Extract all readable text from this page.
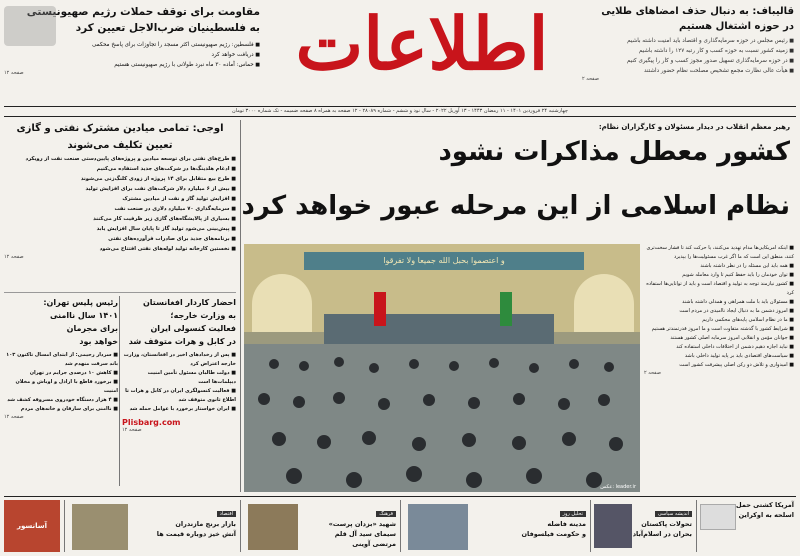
اطلاعات	قالیباف: به دنبال حذف امضاهای طلایی
در حوزه اشتغال هستیم
■ رئیس مجلس در حوزه سرمایه‌گذاری و اقتصاد باید امنیت داشته باشیم
■ زمینه کشور نسبت به حوزه کسب و کار رتبه ۱۲۷ را داشته باشیم
■ در حوزه سرمایه‌گذاری تسهیل صدور مجوز کسب و کار را پیگیری کنیم
■ هیأت عالی نظارت مجمع تشخیص مصلحت نظام حضور داشتند
صفحه ۲
مقاومت برای توقف حملات رژیم صهیونیستی
به فلسطینیان ضرب‌الاجل تعیین کرد
■ فلسطین: رژیم صهیونیستی اکثر مسجد را تجاوزات برای پاسخ محکمی
■ دریافت خواهد کرد
■ حماس: آماده ۳۰ ماه نبرد طولانی با رژیم صهیونیستی هستیم
صفحه ۱۲
چهارشنبه ۲۴ فروردین ۱۴۰۱ - ۱۱ رمضان ۱۴۴۳ - ۱۳ آوریل ۲۰۲۲ - سال نود و ششم - شماره ۲۸۰۸۹ - ۱۲ صفحه به همراه ۸ صفحه ضمیمه - تک شماره ۳۰۰۰ تومان
اوجی: تمامی میادین مشترک نفتی و گازی
تعیین تکلیف می‌شوند
■ طرح‌های نفتی برای توسعه میادین و پروژه‌های پایین‌دستی صنعت نفت از رویکرد
■ ادغام هلدینگ‌ها در شرکت‌های جدید استفاده می‌کنیم
■ طرح بیع متقابل برای ۱۴ پروژه از زودی کلنگ‌زنی می‌شوند
■ بیش از ۶ میلیارد دلار شرکت‌های نفت برای افزایش تولید
■ افزایش تولید گاز و نفت از میادین مشترک
■ سرمایه‌گذاری ۷۰ میلیارد دلاری در صنعت نفت
■ بسیاری از پالایشگاه‌های گازی زیر ظرفیت کار می‌کنند
■ پیش‌بینی می‌شود تولید گاز تا پایان سال افزایش یابد
■ برنامه‌های جدید برای صادرات فرآورده‌های نفتی
■ نخستین کارخانه تولید لوله‌های نفتی افتتاح می‌شود
صفحه ۱۲
رئیس پلیس تهران:
۱۴۰۱ سال ناامنی
برای مجرمان
خواهد بود
■ سردار رحیمی: از ابتدای امسال تاکنون ۱۰۳ باند سرقت منهدم شد
■ کاهش ۱۰ درصدی جرایم در تهران
■ برخورد قاطع با اراذل و اوباش و مخلان امنیت
■ ۴ هزار دستگاه خودروی مسروقه کشف شد
■ ناامنی برای سارقان و خانه‌های مردم
صفحه ۱۲
احضار کاردار افغانستان
به وزارت خارجه؛
فعالیت کنسولی ایران
در کابل و هرات متوقف شد
■ پس از رخدادهای اخیر در افغانستان، وزارت خارجه اعتراض کرد
■ دولت طالبان مسئول تأمین امنیت دیپلمات‌ها است
■ فعالیت کنسولگری ایران در کابل و هرات تا اطلاع ثانوی متوقف شد
■ ایران خواستار برخورد با عوامل حمله شد
Plisbarg.com
صفحه ۱۲
رهبر معظم انقلاب در دیدار مسئولان و کارگزاران نظام:
کشور معطل مذاکرات نشود
نظام اسلامی از این مرحله عبور خواهد کرد
و اعتصموا بحبل الله جمیعا ولا تفرقوا
عکس: leader.ir
■ اینکه امریکایی‌ها مدام تهدید می‌کنند، یا حرکت کند تا فشار سخت‌تری کنند، منطق این است که ما اگر غرب مسئولیت‌ها را بپذیرد
■ همه باید این مسئله را در نظر داشته باشند
■ توان خودمان را باید حفظ کنیم تا وارد معامله شویم
■ کشور نیازمند توجه به تولید و اقتصاد است و باید از توانایی‌ها استفاده کرد
■ مسئولان باید با ملت همراهی و همدلی داشته باشند
■ امروز دشمن ما به دنبال ایجاد ناامیدی در مردم است
■ ما در نظام اسلامی پایه‌های محکمی داریم
■ شرایط کشور با گذشته متفاوت است و ما امروز قدرتمندتر هستیم
■ جوانان مؤمن و انقلابی امروز سرمایه اصلی کشور هستند
■ نباید اجازه دهیم دشمن از اختلافات داخلی استفاده کند
■ سیاست‌های اقتصادی باید بر پایه تولید داخلی باشد
■ امیدواری و تلاش دو رکن اصلی پیشرفت کشور است
صفحه ۲
آمریکا کشتی حمل
اسلحه به اوکراین
اندیشه سیاسی
تحولات پاکستان
بحران در اسلام‌آباد
تحلیل روز
مدینه فاضله
و حکومت فیلسوفان
فرهنگ
شهید «بزدان پرست»
سیمای سید آل قلم
مرتضی آوینی
اقتصاد
بازار برنج مازندران
آتش خیز دوباره قیمت ها
آسانسور
